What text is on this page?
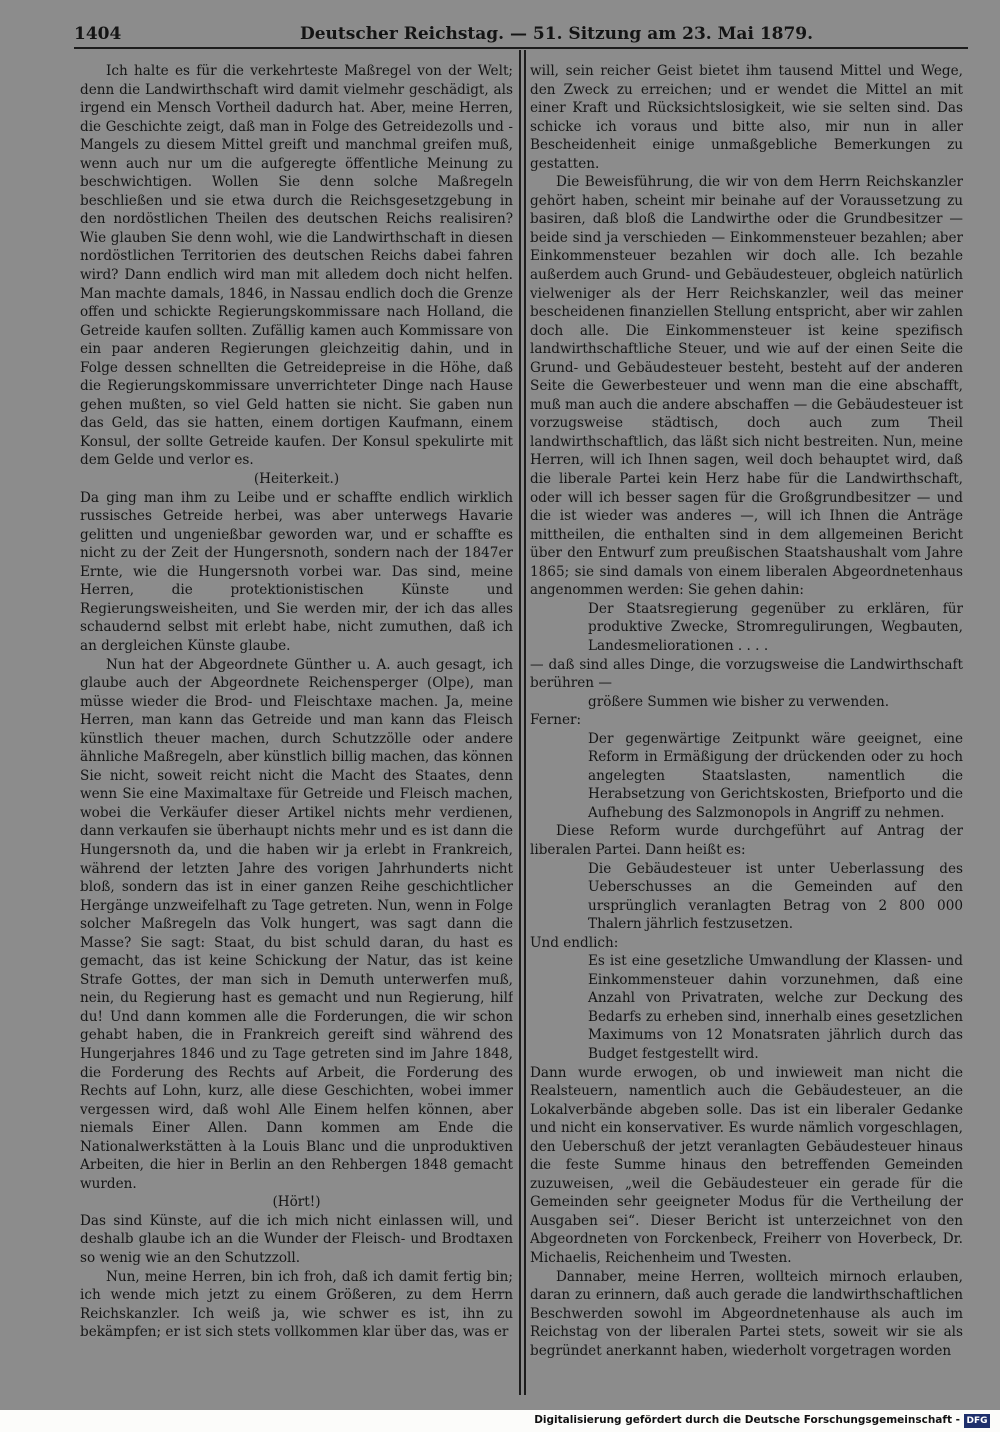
1404	Deutscher Reichstag. — 51. Sitzung am 23. Mai 1879.

Ich halte es für die verkehrteste Maßregel von der Welt; denn die Landwirthschaft wird damit vielmehr geschädigt, als irgend ein Mensch Vortheil dadurch hat. Aber, meine Herren, die Geschichte zeigt, daß man in Folge des Getreidezolls und -Mangels zu diesem Mittel greift und manchmal greifen muß, wenn auch nur um die aufgeregte öffentliche Meinung zu beschwichtigen. Wollen Sie denn solche Maßregeln beschließen und sie etwa durch die Reichsgesetzgebung in den nordöstlichen Theilen des deutschen Reichs realisiren? Wie glauben Sie denn wohl, wie die Landwirthschaft in diesen nordöstlichen Territorien des deutschen Reichs dabei fahren wird? Dann endlich wird man mit alledem doch nicht helfen. Man machte damals, 1846, in Nassau endlich doch die Grenze offen und schickte Regierungskommissare nach Holland, die Getreide kaufen sollten. Zufällig kamen auch Kommissare von ein paar anderen Regierungen gleichzeitig dahin, und in Folge dessen schnellten die Getreidepreise in die Höhe, daß die Regierungskommissare unverrichteter Dinge nach Hause gehen mußten, so viel Geld hatten sie nicht. Sie gaben nun das Geld, das sie hatten, einem dortigen Kaufmann, einem Konsul, der sollte Getreide kaufen. Der Konsul spekulirte mit dem Gelde und verlor es.

(Heiterkeit.)

Da ging man ihm zu Leibe und er schaffte endlich wirklich russisches Getreide herbei, was aber unterwegs Havarie gelitten und ungenießbar geworden war, und er schaffte es nicht zu der Zeit der Hungersnoth, sondern nach der 1847er Ernte, wie die Hungersnoth vorbei war. Das sind, meine Herren, die protektionistischen Künste und Regierungsweisheiten, und Sie werden mir, der ich das alles schaudernd selbst mit erlebt habe, nicht zumuthen, daß ich an dergleichen Künste glaube.

Nun hat der Abgeordnete Günther u. A. auch gesagt, ich glaube auch der Abgeordnete Reichensperger (Olpe), man müsse wieder die Brod- und Fleischtaxe machen. Ja, meine Herren, man kann das Getreide und man kann das Fleisch künstlich theuer machen, durch Schutzzölle oder andere ähnliche Maßregeln, aber künstlich billig machen, das können Sie nicht, soweit reicht nicht die Macht des Staates, denn wenn Sie eine Maximaltaxe für Getreide und Fleisch machen, wobei die Verkäufer dieser Artikel nichts mehr verdienen, dann verkaufen sie überhaupt nichts mehr und es ist dann die Hungersnoth da, und die haben wir ja erlebt in Frankreich, während der letzten Jahre des vorigen Jahrhunderts nicht bloß, sondern das ist in einer ganzen Reihe geschichtlicher Hergänge unzweifelhaft zu Tage getreten. Nun, wenn in Folge solcher Maßregeln das Volk hungert, was sagt dann die Masse? Sie sagt: Staat, du bist schuld daran, du hast es gemacht, das ist keine Schickung der Natur, das ist keine Strafe Gottes, der man sich in Demuth unterwerfen muß, nein, du Regierung hast es gemacht und nun Regierung, hilf du! Und dann kommen alle die Forderungen, die wir schon gehabt haben, die in Frankreich gereift sind während des Hungerjahres 1846 und zu Tage getreten sind im Jahre 1848, die Forderung des Rechts auf Arbeit, die Forderung des Rechts auf Lohn, kurz, alle diese Geschichten, wobei immer vergessen wird, daß wohl Alle Einem helfen können, aber niemals Einer Allen. Dann kommen am Ende die Nationalwerkstätten à la Louis Blanc und die unproduktiven Arbeiten, die hier in Berlin an den Rehbergen 1848 gemacht wurden.

(Hört!)

Das sind Künste, auf die ich mich nicht einlassen will, und deshalb glaube ich an die Wunder der Fleisch- und Brodtaxen so wenig wie an den Schutzzoll.

Nun, meine Herren, bin ich froh, daß ich damit fertig bin; ich wende mich jetzt zu einem Größeren, zu dem Herrn Reichskanzler. Ich weiß ja, wie schwer es ist, ihn zu bekämpfen; er ist sich stets vollkommen klar über das, was er

will, sein reicher Geist bietet ihm tausend Mittel und Wege, den Zweck zu erreichen; und er wendet die Mittel an mit einer Kraft und Rücksichtslosigkeit, wie sie selten sind. Das schicke ich voraus und bitte also, mir nun in aller Bescheidenheit einige unmaßgebliche Bemerkungen zu gestatten.

Die Beweisführung, die wir von dem Herrn Reichskanzler gehört haben, scheint mir beinahe auf der Voraussetzung zu basiren, daß bloß die Landwirthe oder die Grundbesitzer — beide sind ja verschieden — Einkommensteuer bezahlen; aber Einkommensteuer bezahlen wir doch alle. Ich bezahle außerdem auch Grund- und Gebäudesteuer, obgleich natürlich vielweniger als der Herr Reichskanzler, weil das meiner bescheidenen finanziellen Stellung entspricht, aber wir zahlen doch alle. Die Einkommensteuer ist keine spezifisch landwirthschaftliche Steuer, und wie auf der einen Seite die Grund- und Gebäudesteuer besteht, besteht auf der anderen Seite die Gewerbesteuer und wenn man die eine abschafft, muß man auch die andere abschaffen — die Gebäudesteuer ist vorzugsweise städtisch, doch auch zum Theil landwirthschaftlich, das läßt sich nicht bestreiten. Nun, meine Herren, will ich Ihnen sagen, weil doch behauptet wird, daß die liberale Partei kein Herz habe für die Landwirthschaft, oder will ich besser sagen für die Großgrundbesitzer — und die ist wieder was anderes —, will ich Ihnen die Anträge mittheilen, die enthalten sind in dem allgemeinen Bericht über den Entwurf zum preußischen Staatshaushalt vom Jahre 1865; sie sind damals von einem liberalen Abgeordnetenhaus angenommen werden: Sie gehen dahin:

Der Staatsregierung gegenüber zu erklären, für produktive Zwecke, Stromregulirungen, Wegbauten, Landesmeliorationen . . . .

— daß sind alles Dinge, die vorzugsweise die Landwirthschaft berühren —

größere Summen wie bisher zu verwenden.

Ferner:

Der gegenwärtige Zeitpunkt wäre geeignet, eine Reform in Ermäßigung der drückenden oder zu hoch angelegten Staatslasten, namentlich die Herabsetzung von Gerichtskosten, Briefporto und die Aufhebung des Salzmonopols in Angriff zu nehmen.

Diese Reform wurde durchgeführt auf Antrag der liberalen Partei. Dann heißt es:

Die Gebäudesteuer ist unter Ueberlassung des Ueberschusses an die Gemeinden auf den ursprünglich veranlagten Betrag von 2 800 000 Thalern jährlich festzusetzen.

Und endlich:

Es ist eine gesetzliche Umwandlung der Klassen- und Einkommensteuer dahin vorzunehmen, daß eine Anzahl von Privatraten, welche zur Deckung des Bedarfs zu erheben sind, innerhalb eines gesetzlichen Maximums von 12 Monatsraten jährlich durch das Budget festgestellt wird.

Dann wurde erwogen, ob und inwieweit man nicht die Realsteuern, namentlich auch die Gebäudesteuer, an die Lokalverbände abgeben solle. Das ist ein liberaler Gedanke und nicht ein konservativer. Es wurde nämlich vorgeschlagen, den Ueberschuß der jetzt veranlagten Gebäudesteuer hinaus die feste Summe hinaus den betreffenden Gemeinden zuzuweisen, „weil die Gebäudesteuer ein gerade für die Gemeinden sehr geeigneter Modus für die Vertheilung der Ausgaben sei“. Dieser Bericht ist unterzeichnet von den Abgeordneten von Forckenbeck, Freiherr von Hoverbeck, Dr. Michaelis, Reichenheim und Twesten.

Dannaber, meine Herren, wollteich mirnoch erlauben, daran zu erinnern, daß auch gerade die landwirthschaftlichen Beschwerden sowohl im Abgeordnetenhause als auch im Reichstag von der liberalen Partei stets, soweit wir sie als begründet anerkannt haben, wiederholt vorgetragen worden

Digitalisierung gefördert durch die Deutsche Forschungsgemeinschaft - DFG
